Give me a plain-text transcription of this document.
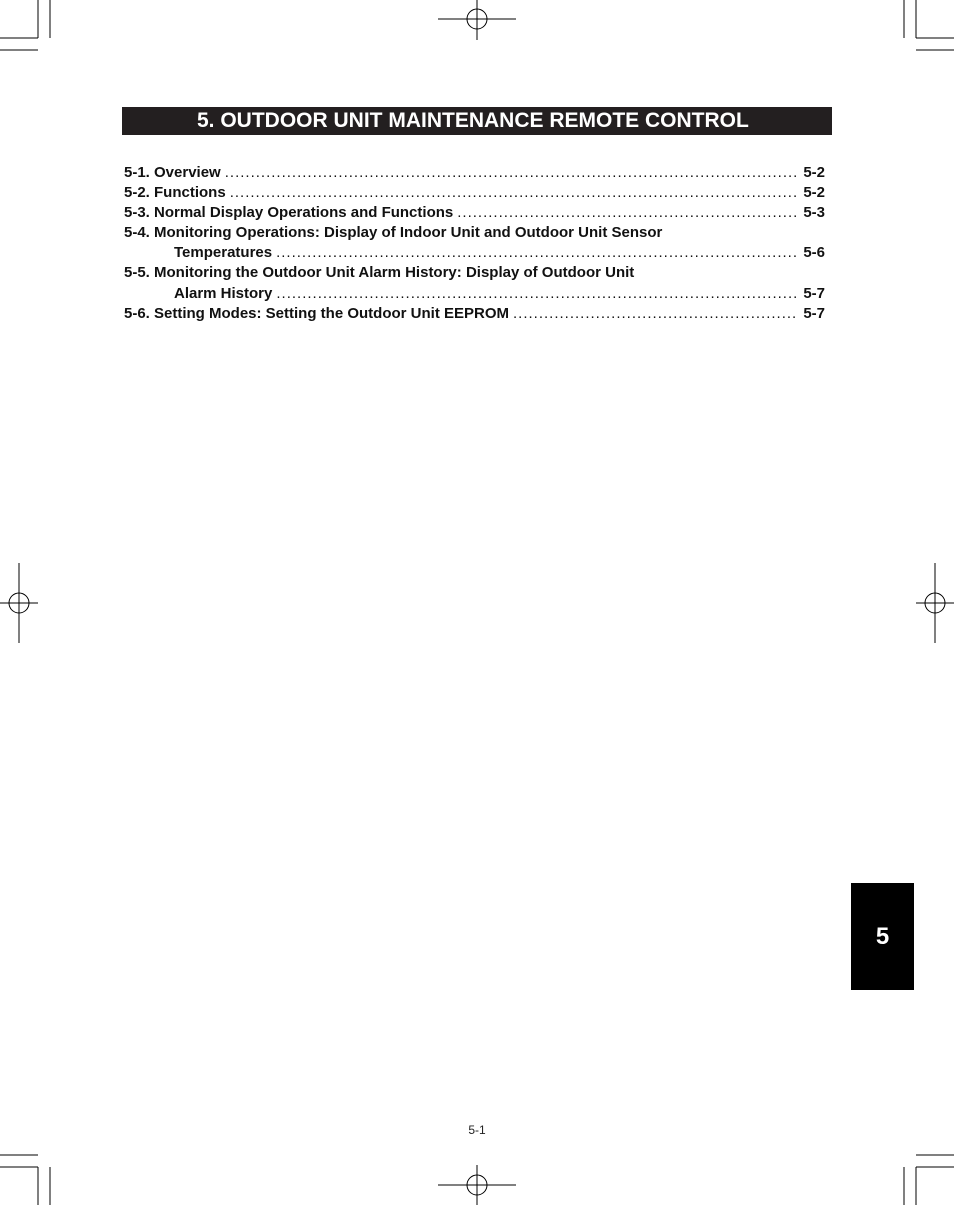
5. OUTDOOR UNIT MAINTENANCE REMOTE CONTROL
5-1. Overview .....	5-2
5-2. Functions .....	5-2
5-3. Normal Display Operations and Functions .....	5-3
5-4. Monitoring Operations: Display of Indoor Unit and Outdoor Unit Sensor
Temperatures .....	5-6
5-5. Monitoring the Outdoor Unit Alarm History: Display of Outdoor Unit
Alarm History .....	5-7
5-6. Setting Modes: Setting the Outdoor Unit EEPROM .....	5-7
5
5-1
